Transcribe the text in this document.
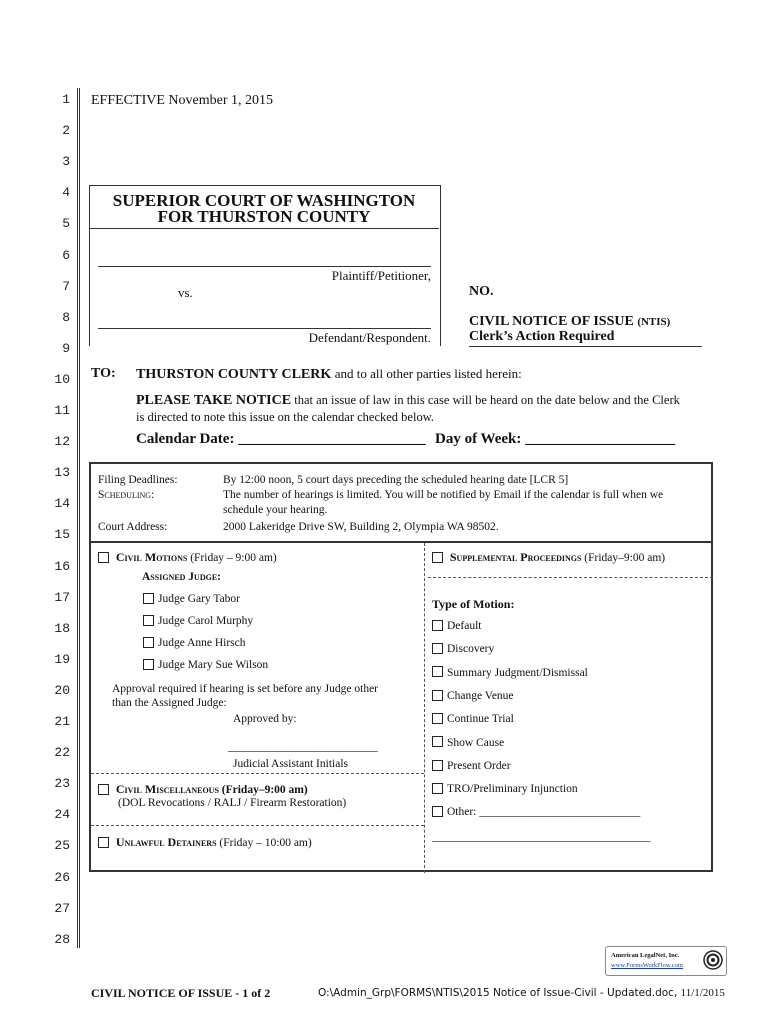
1
2
3
4
5
6
7
8
9
10
11
12
13
14
15
16
17
18
19
20
21
22
23
24
25
26
27
28
EFFECTIVE November 1, 2015
SUPERIOR COURT OF WASHINGTON
FOR THURSTON COUNTY
Plaintiff/Petitioner,
vs.
Defendant/Respondent.
NO.
CIVIL NOTICE OF ISSUE (NTIS)
Clerk’s Action Required
TO: THURSTON COUNTY CLERK and to all other parties listed herein:
PLEASE TAKE NOTICE that an issue of law in this case will be heard on the date below and the Clerk
is directed to note this issue on the calendar checked below.
Calendar Date: _________________________ Day of Week: ____________________
Filing Deadlines:	By 12:00 noon, 5 court days preceding the scheduled hearing date [LCR 5]
Scheduling:	The number of hearings is limited. You will be notified by Email if the calendar is full when we
schedule your hearing.
Court Address:	2000 Lakeridge Drive SW, Building 2, Olympia WA 98502.
Civil Motions (Friday – 9:00 am)
Assigned Judge:
Judge Gary Tabor
Judge Carol Murphy
Judge Anne Hirsch
Judge Mary Sue Wilson
Approval required if hearing is set before any Judge other
than the Assigned Judge:
Approved by:
__________________________
Judicial Assistant Initials
Civil Miscellaneous (Friday–9:00 am)
(DOL Revocations / RALJ / Firearm Restoration)
Unlawful Detainers (Friday – 10:00 am)
Supplemental Proceedings (Friday–9:00 am)
Type of Motion:
Default
Discovery
Summary Judgment/Dismissal
Change Venue
Continue Trial
Show Cause
Present Order
TRO/Preliminary Injunction
Other: ____________________________
______________________________________
American LegalNet, Inc.
www.FormsWorkFlow.com
CIVIL NOTICE OF ISSUE - 1 of 2	O:\Admin_Grp\FORMS\NTIS\2015 Notice of Issue-Civil - Updated.doc, 11/1/2015
